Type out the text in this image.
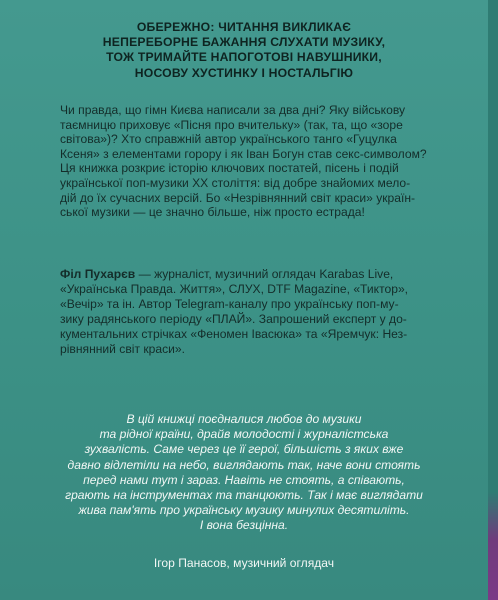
ОБЕРЕЖНО: ЧИТАННЯ ВИКЛИКАЄ
НЕПЕРЕБОРНЕ БАЖАННЯ СЛУХАТИ МУЗИКУ,
ТОЖ ТРИМАЙТЕ НАПОГОТОВІ НАВУШНИКИ,
НОСОВУ ХУСТИНКУ І НОСТАЛЬГІЮ

Чи правда, що гімн Києва написали за два дні? Яку військову
таємницю приховує «Пісня про вчительку» (так, та, що «зоре
світова»)? Хто справжній автор українського танго «Гуцулка
Ксеня» з елементами горору і як Іван Богун став секс-символом?

Ця книжка розкриє історію ключових постатей, пісень і подій
української поп-музики ХХ століття: від добре знайомих мело-
дій до їх сучасних версій. Бо «Незрівнянний світ краси» україн-
ської музики — це значно більше, ніж просто естрада!

Філ Пухарєв — журналіст, музичний оглядач Karabas Live,
«Українська Правда. Життя», СЛУХ, DTF Magazine, «Тиктор»,
«Вечір» та ін. Автор Telegram-каналу про українську поп-му-
зику радянського періоду «ПЛАЙ». Запрошений експерт у до-
кументальних стрічках «Феномен Івасюка» та «Яремчук: Нез-
рівнянний світ краси».
В цій книжці поєдналися любов до музики
та рідної країни, драйв молодості і журналістська
зухвалість. Саме через це її герої, більшість з яких вже
давно відлетіли на небо, виглядають так, наче вони стоять
перед нами тут і зараз. Навіть не стоять, а співають,
грають на інструментах та танцюють. Так і має виглядати
жива пам'ять про українську музику минулих десятиліть.
І вона безцінна.
Ігор Панасов, музичний оглядач
